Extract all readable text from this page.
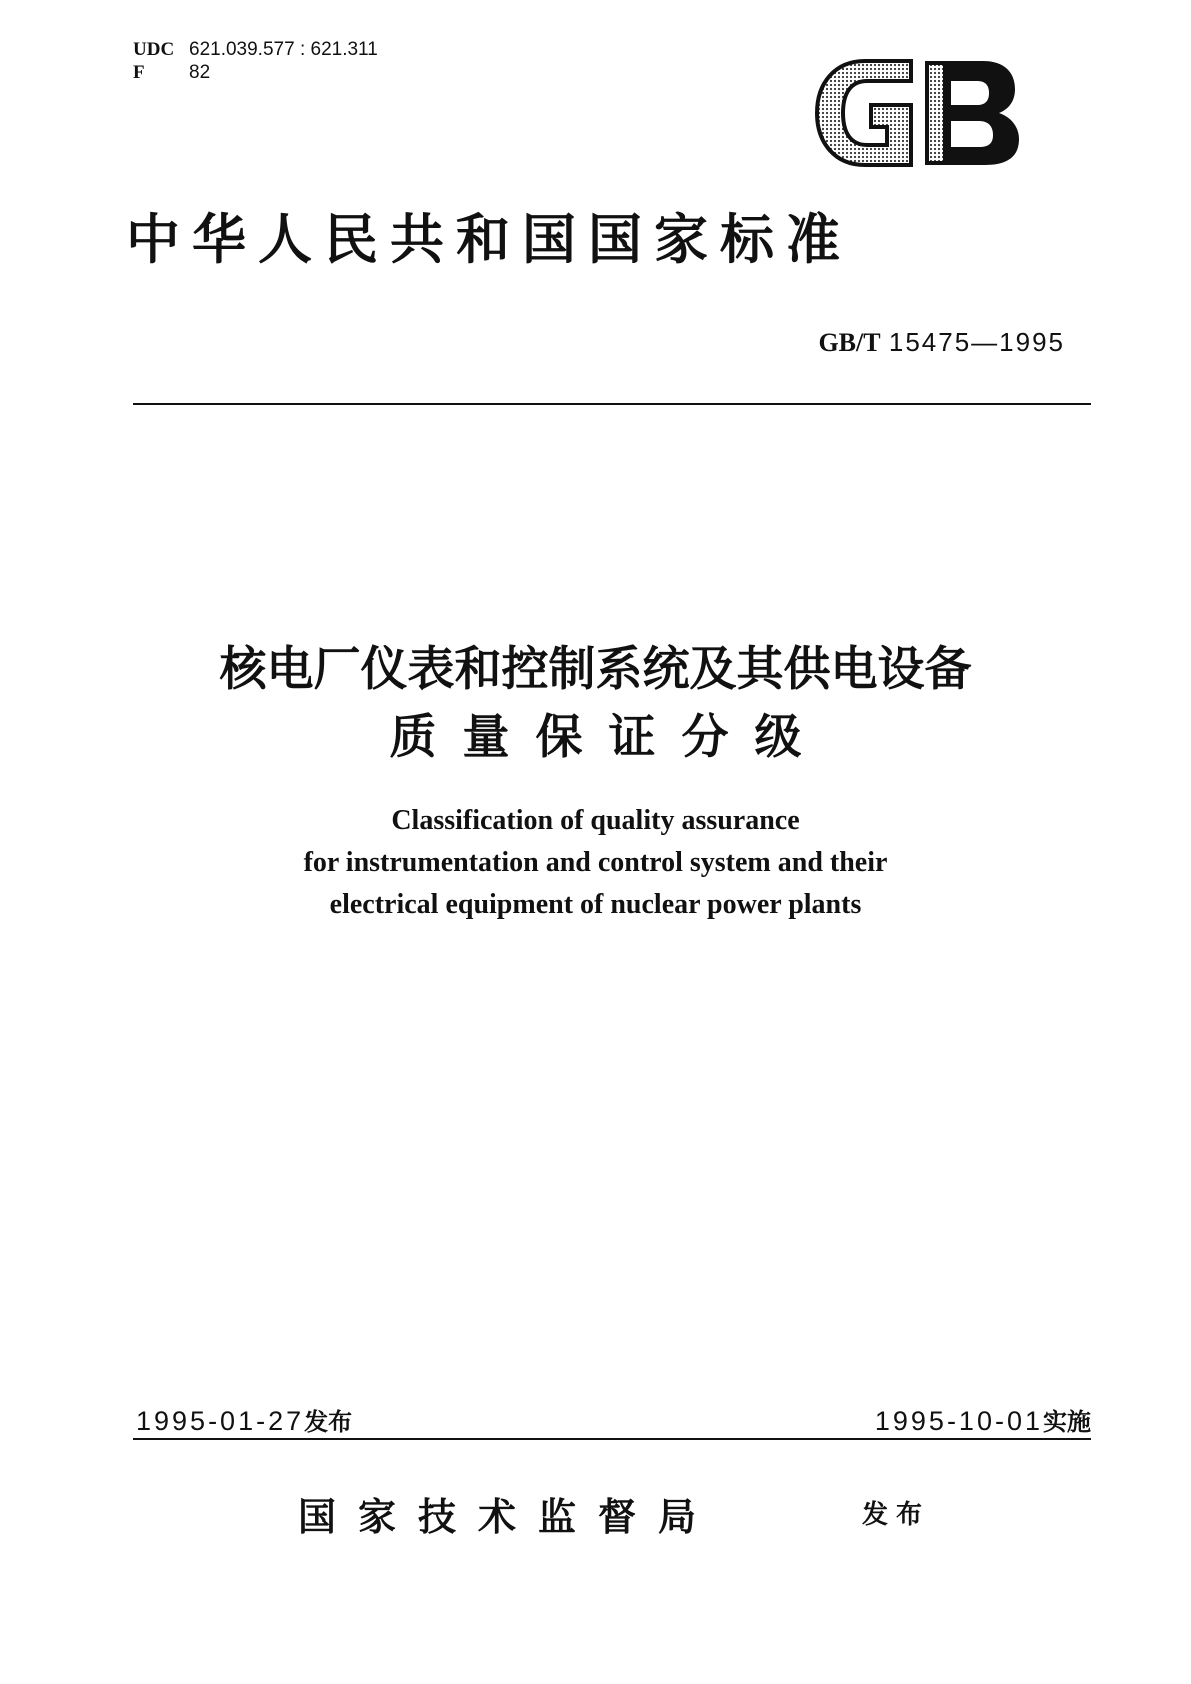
UDC 621.039.577 : 621.311
F 82
中华人民共和国国家标准
GB/T 15475—1995
核电厂仪表和控制系统及其供电设备
质量保证分级
Classification of quality assurance
for instrumentation and control system and their
electrical equipment of nuclear power plants
1995-01-27发布	1995-10-01实施
国家技术监督局	发布
